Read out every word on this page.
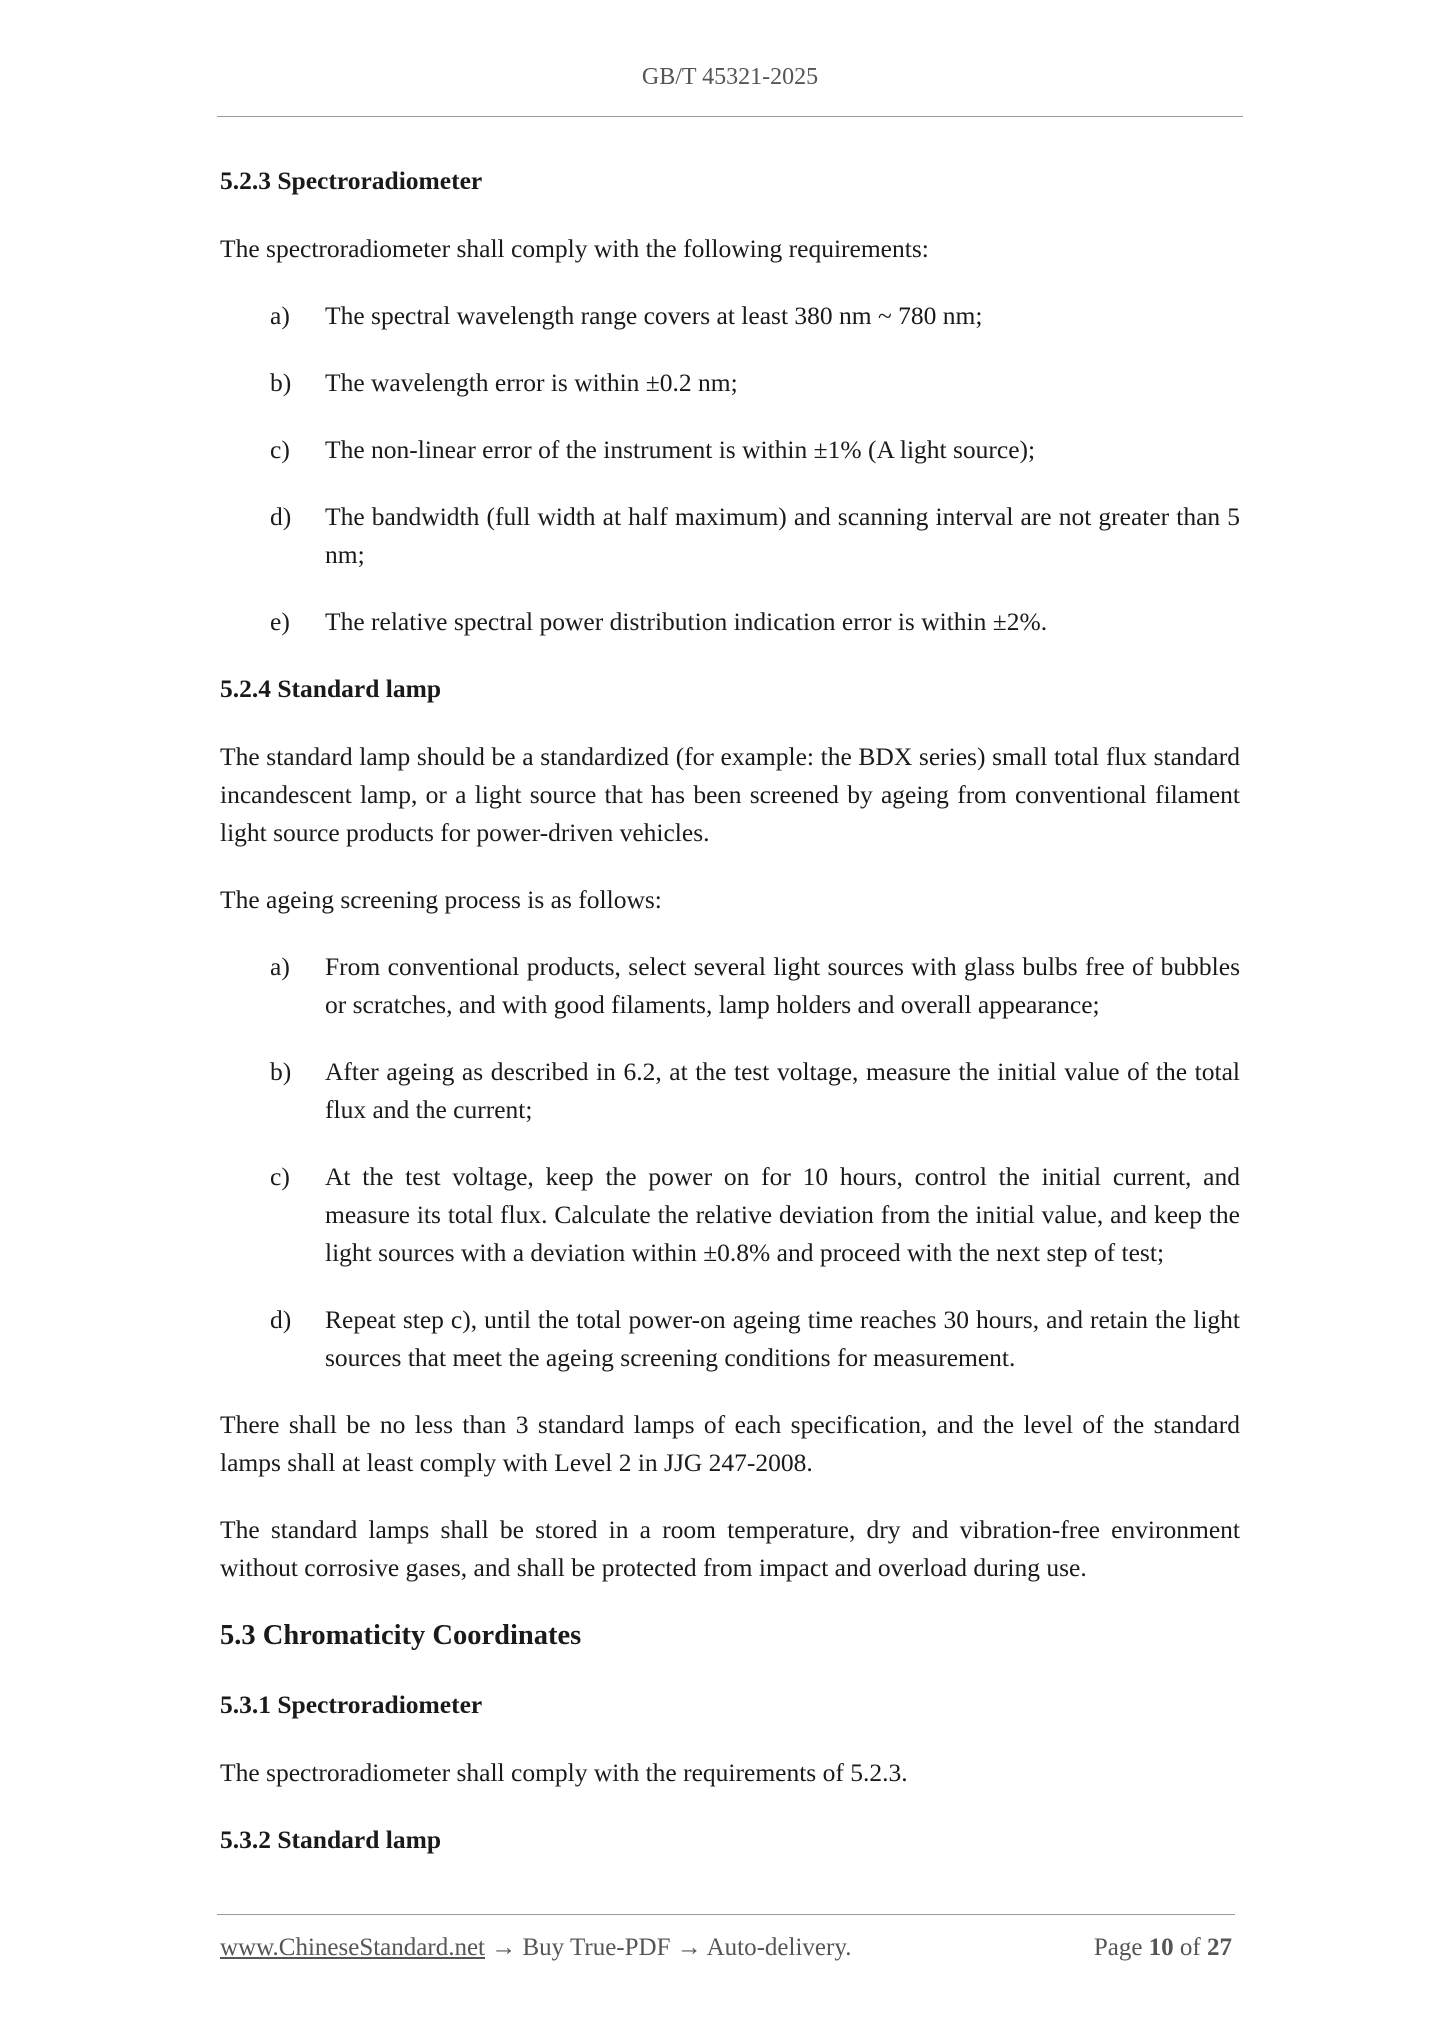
GB/T 45321-2025
5.2.3 Spectroradiometer
The spectroradiometer shall comply with the following requirements:
a)	The spectral wavelength range covers at least 380 nm ~ 780 nm;
b)	The wavelength error is within ±0.2 nm;
c)	The non-linear error of the instrument is within ±1% (A light source);
d)	The bandwidth (full width at half maximum) and scanning interval are not greater than 5 nm;
e)	The relative spectral power distribution indication error is within ±2%.
5.2.4 Standard lamp
The standard lamp should be a standardized (for example: the BDX series) small total flux standard incandescent lamp, or a light source that has been screened by ageing from conventional filament light source products for power-driven vehicles.
The ageing screening process is as follows:
a)	From conventional products, select several light sources with glass bulbs free of bubbles or scratches, and with good filaments, lamp holders and overall appearance;
b)	After ageing as described in 6.2, at the test voltage, measure the initial value of the total flux and the current;
c)	At the test voltage, keep the power on for 10 hours, control the initial current, and measure its total flux. Calculate the relative deviation from the initial value, and keep the light sources with a deviation within ±0.8% and proceed with the next step of test;
d)	Repeat step c), until the total power-on ageing time reaches 30 hours, and retain the light sources that meet the ageing screening conditions for measurement.
There shall be no less than 3 standard lamps of each specification, and the level of the standard lamps shall at least comply with Level 2 in JJG 247-2008.
The standard lamps shall be stored in a room temperature, dry and vibration-free environment without corrosive gases, and shall be protected from impact and overload during use.
5.3 Chromaticity Coordinates
5.3.1 Spectroradiometer
The spectroradiometer shall comply with the requirements of 5.2.3.
5.3.2 Standard lamp
www.ChineseStandard.net → Buy True-PDF → Auto-delivery.	Page 10 of 27
